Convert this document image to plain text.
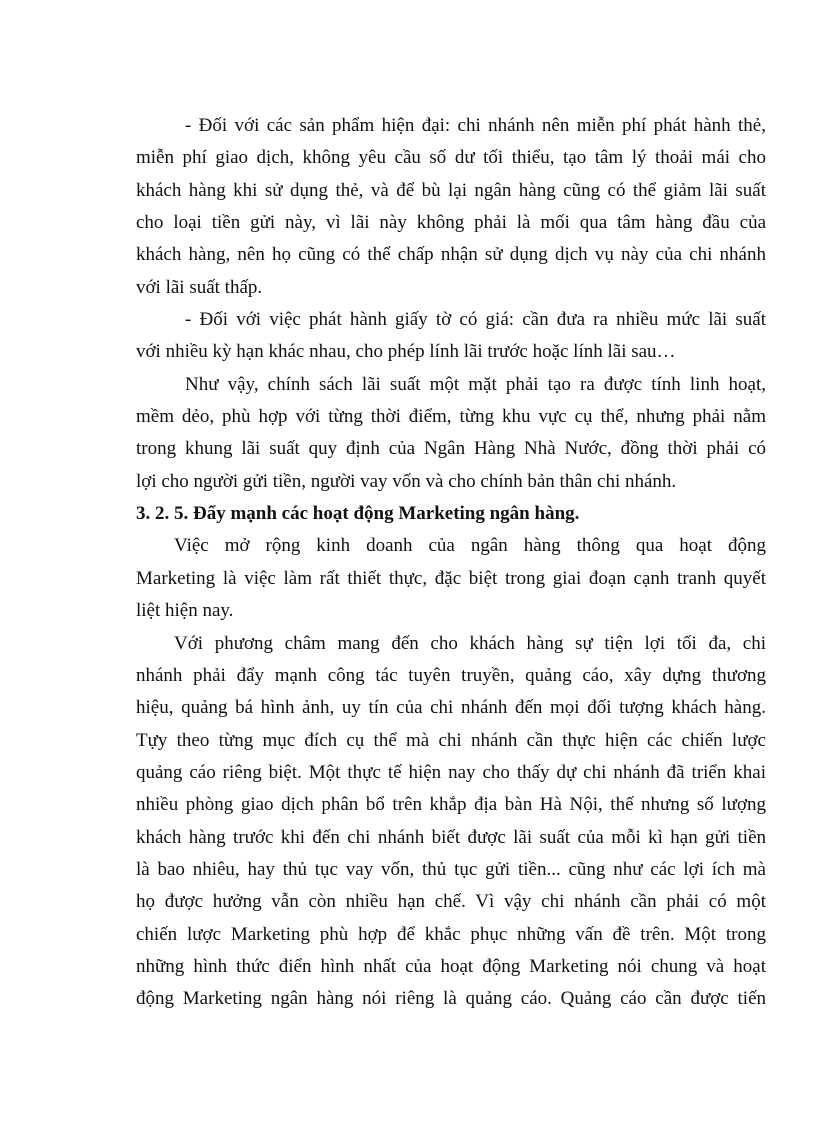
- Đối với các sản phẩm hiện đại: chi nhánh nên miễn phí phát hành thẻ,
miễn phí giao dịch, không yêu cầu số dư tối thiểu, tạo tâm lý thoải mái cho
khách hàng khi sử dụng thẻ, và để bù lại ngân hàng cũng có thể giảm lãi suất
cho loại tiền gửi này, vì lãi này không phải là mối qua tâm hàng đầu của
khách hàng, nên họ cũng có thể chấp nhận sử dụng dịch vụ này của chi nhánh
với lãi suất thấp.
- Đối với việc phát hành giấy tờ có giá: cần đưa ra nhiều mức lãi suất
với nhiều kỳ hạn khác nhau, cho phép lính lãi trước hoặc lính lãi sau…
Như vậy, chính sách lãi suất một mặt phải tạo ra được tính linh hoạt,
mềm dẻo, phù hợp với từng thời điểm, từng khu vực cụ thể, nhưng phải nằm
trong khung lãi suất quy định của Ngân Hàng Nhà Nước, đồng thời phải có
lợi cho người gửi tiền, người vay vốn và cho chính bản thân chi nhánh.
3. 2. 5. Đẩy mạnh các hoạt động Marketing ngân hàng.
Việc mở rộng kinh doanh của ngân hàng thông qua hoạt động
Marketing là việc làm rất thiết thực, đặc biệt trong giai đoạn cạnh tranh quyết
liệt hiện nay.
Với phương châm mang đến cho khách hàng sự tiện lợi tối đa, chi
nhánh phải đẩy mạnh công tác tuyên truyền, quảng cáo, xây dựng thương
hiệu, quảng bá hình ảnh, uy tín của chi nhánh đến mọi đối tượng khách hàng.
Tựy theo từng mục đích cụ thể mà chi nhánh cần thực hiện các chiến lược
quảng cáo riêng biệt. Một thực tế hiện nay cho thấy dự chi nhánh đã triển khai
nhiều phòng giao dịch phân bổ trên khắp địa bàn Hà Nội, thế nhưng số lượng
khách hàng trước khi đến chi nhánh biết được lãi suất của mỗi kì hạn gửi tiền
là bao nhiêu, hay thủ tục vay vốn, thủ tục gửi tiền... cũng như các lợi ích mà
họ được hưởng vẫn còn nhiều hạn chế. Vì vậy chi nhánh cần phải có một
chiến lược Marketing phù hợp để khắc phục những vấn đề trên. Một trong
những hình thức điển hình nhất của hoạt động Marketing nói chung và hoạt
động Marketing ngân hàng nói riêng là quảng cáo. Quảng cáo cần được tiến
